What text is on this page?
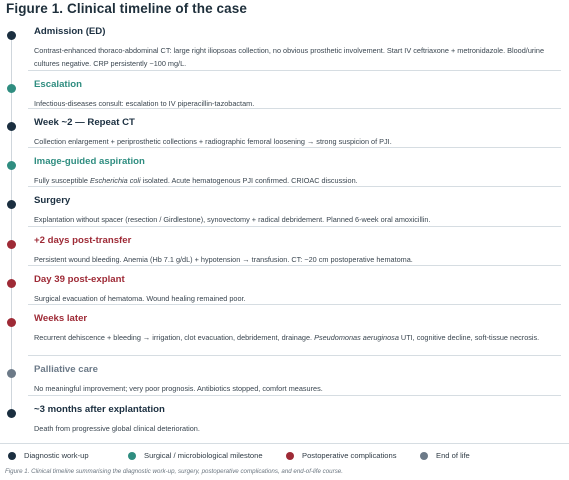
Figure 1. Clinical timeline of the case
Admission (ED)
Contrast-enhanced thoraco-abdominal CT: large right iliopsoas collection, no obvious prosthetic involvement. Start IV ceftriaxone + metronidazole. Blood/urine cultures negative. CRP persistently ~100 mg/L.
Escalation
Infectious-diseases consult: escalation to IV piperacillin-tazobactam.
Week ~2 — Repeat CT
Collection enlargement + periprosthetic collections + radiographic femoral loosening → strong suspicion of PJI.
Image-guided aspiration
Fully susceptible Escherichia coli isolated. Acute hematogenous PJI confirmed. CRIOAC discussion.
Surgery
Explantation without spacer (resection / Girdlestone), synovectomy + radical debridement. Planned 6-week oral amoxicillin.
+2 days post-transfer
Persistent wound bleeding. Anemia (Hb 7.1 g/dL) + hypotension → transfusion. CT: ~20 cm postoperative hematoma.
Day 39 post-explant
Surgical evacuation of hematoma. Wound healing remained poor.
Weeks later
Recurrent dehiscence + bleeding → irrigation, clot evacuation, debridement, drainage. Pseudomonas aeruginosa UTI, cognitive decline, soft-tissue necrosis.
Palliative care
No meaningful improvement; very poor prognosis. Antibiotics stopped, comfort measures.
~3 months after explantation
Death from progressive global clinical deterioration.
Diagnostic work-up	Surgical / microbiological milestone	Postoperative complications	End of life

Figure 1. Clinical timeline summarising the diagnostic work-up, surgery, postoperative complications, and end-of-life course.
